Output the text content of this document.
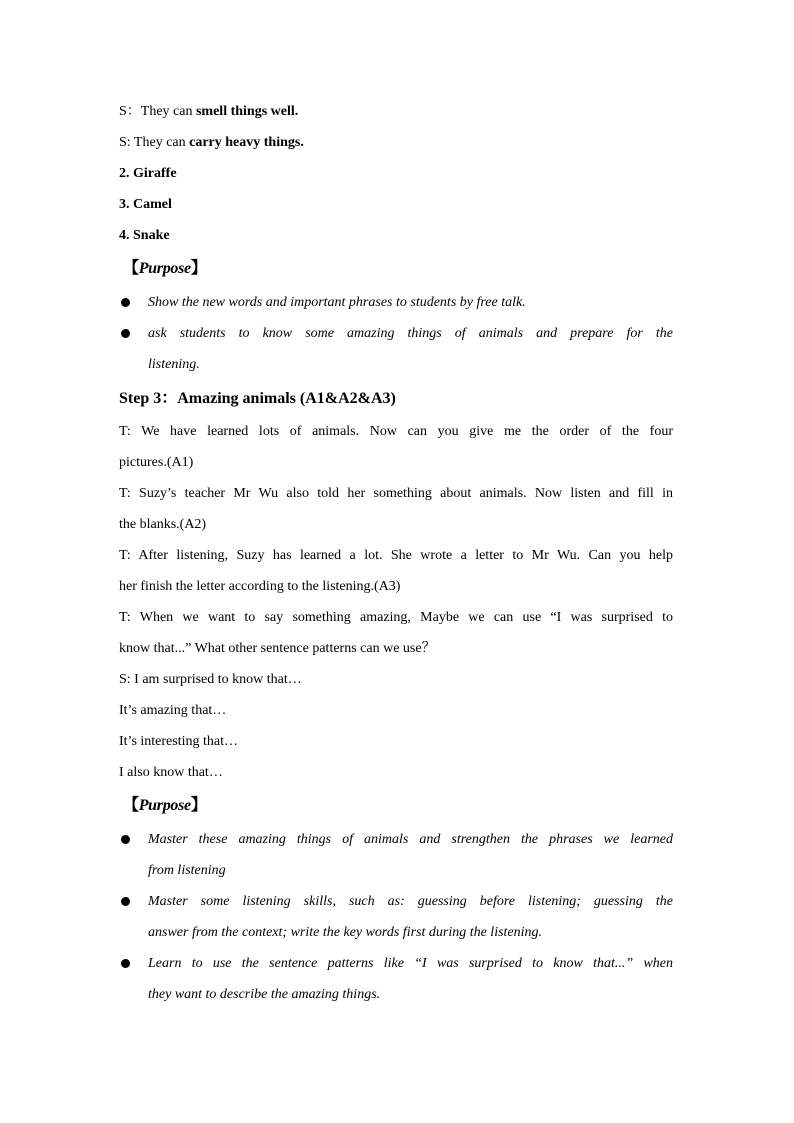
S：They can smell things well.
S: They can carry heavy things.
2. Giraffe
3. Camel
4. Snake
【Purpose】
Show the new words and important phrases to students by free talk.
ask students to know some amazing things of animals and prepare for the
listening.
Step 3：Amazing animals (A1&A2&A3)
T: We have learned lots of animals. Now can you give me the order of the four
pictures.(A1)
T: Suzy’s teacher Mr Wu also told her something about animals. Now listen and fill in
the blanks.(A2)
T: After listening, Suzy has learned a lot. She wrote a letter to Mr Wu. Can you help
her finish the letter according to the listening.(A3)
T: When we want to say something amazing, Maybe we can use “I was surprised to
know that...” What other sentence patterns can we use？
S: I am surprised to know that…
It’s amazing that…
It’s interesting that…
I also know that…
【Purpose】
Master these amazing things of animals and strengthen the phrases we learned
from listening
Master some listening skills, such as: guessing before listening; guessing the
answer from the context; write the key words first during the listening.
Learn to use the sentence patterns like “I was surprised to know that...” when
they want to describe the amazing things.
